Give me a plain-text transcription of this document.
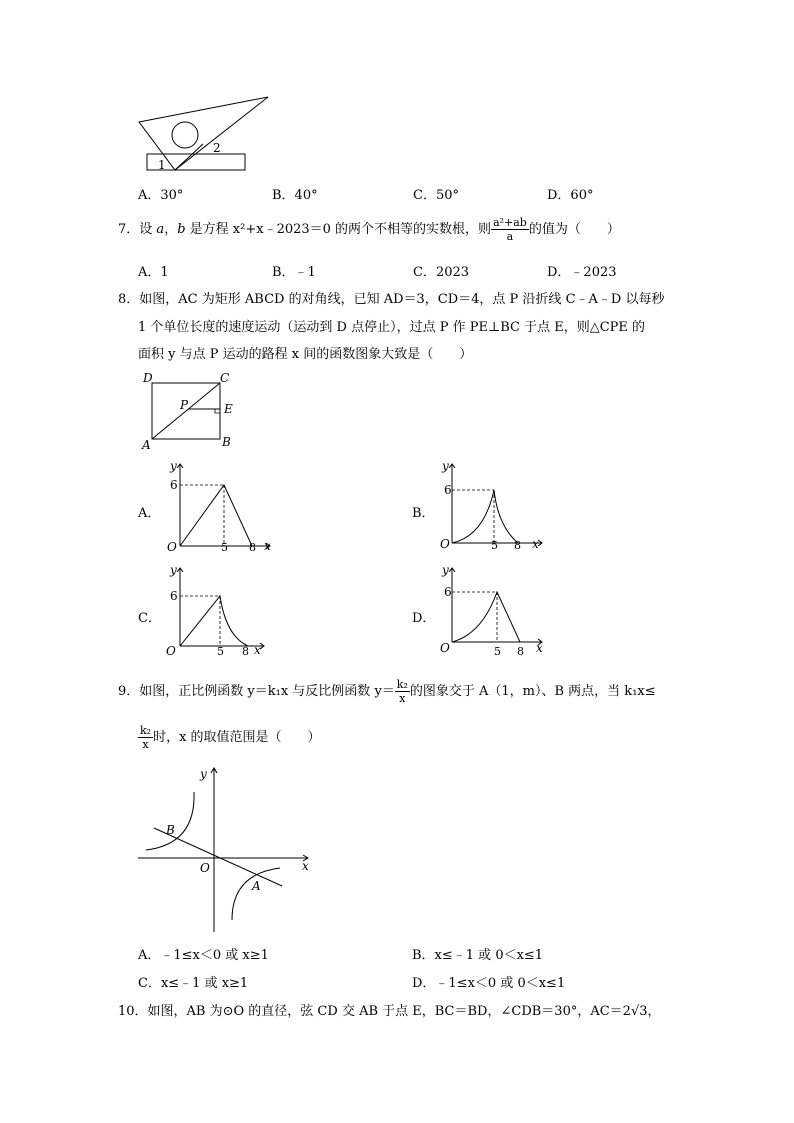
1
2
A．30°	B．40°	C．50°	D．60°
7．设 a，b 是方程 x²+x﹣2023＝0 的两个不相等的实数根，则 $\frac{\text{a²+ab}}{a}$ 的值为（　　）
A．1	B．﹣1	C．2023	D．﹣2023
8．如图，AC 为矩形 ABCD 的对角线，已知 AD＝3，CD＝4，点 P 沿折线 C﹣A﹣D 以每秒
1 个单位长度的速度运动（运动到 D 点停止），过点 P 作 PE⊥BC 于点 E，则△CPE 的
面积 y 与点 P 运动的路程 x 间的函数图象大致是（　　）
D	C
P	E
A	B
A．	B．
C．	D．
y
x
O
6
5 8
y
x
O
6
5 8
y
x
O
6
5 8
y
x
O
6
5 8
9．如图，正比例函数 y＝k₁x 与反比例函数 $y= \frac{\text{k₂}}{x}$ 的图象交于 A（1，m）、B 两点，当 k₁x≤
$\frac{\text{k₂}}{x}$ 时，x 的取值范围是（　　）
y
x
O
A
B
A．﹣1≤x＜0 或 x≥1	B．x≤﹣1 或 0＜x≤1
C．x≤﹣1 或 x≥1	D．﹣1≤x＜0 或 0＜x≤1
10．如图，AB 为⊙O 的直径，弦 CD 交 AB 于点 E，BC＝BD，∠CDB＝30°，AC＝2√3，
